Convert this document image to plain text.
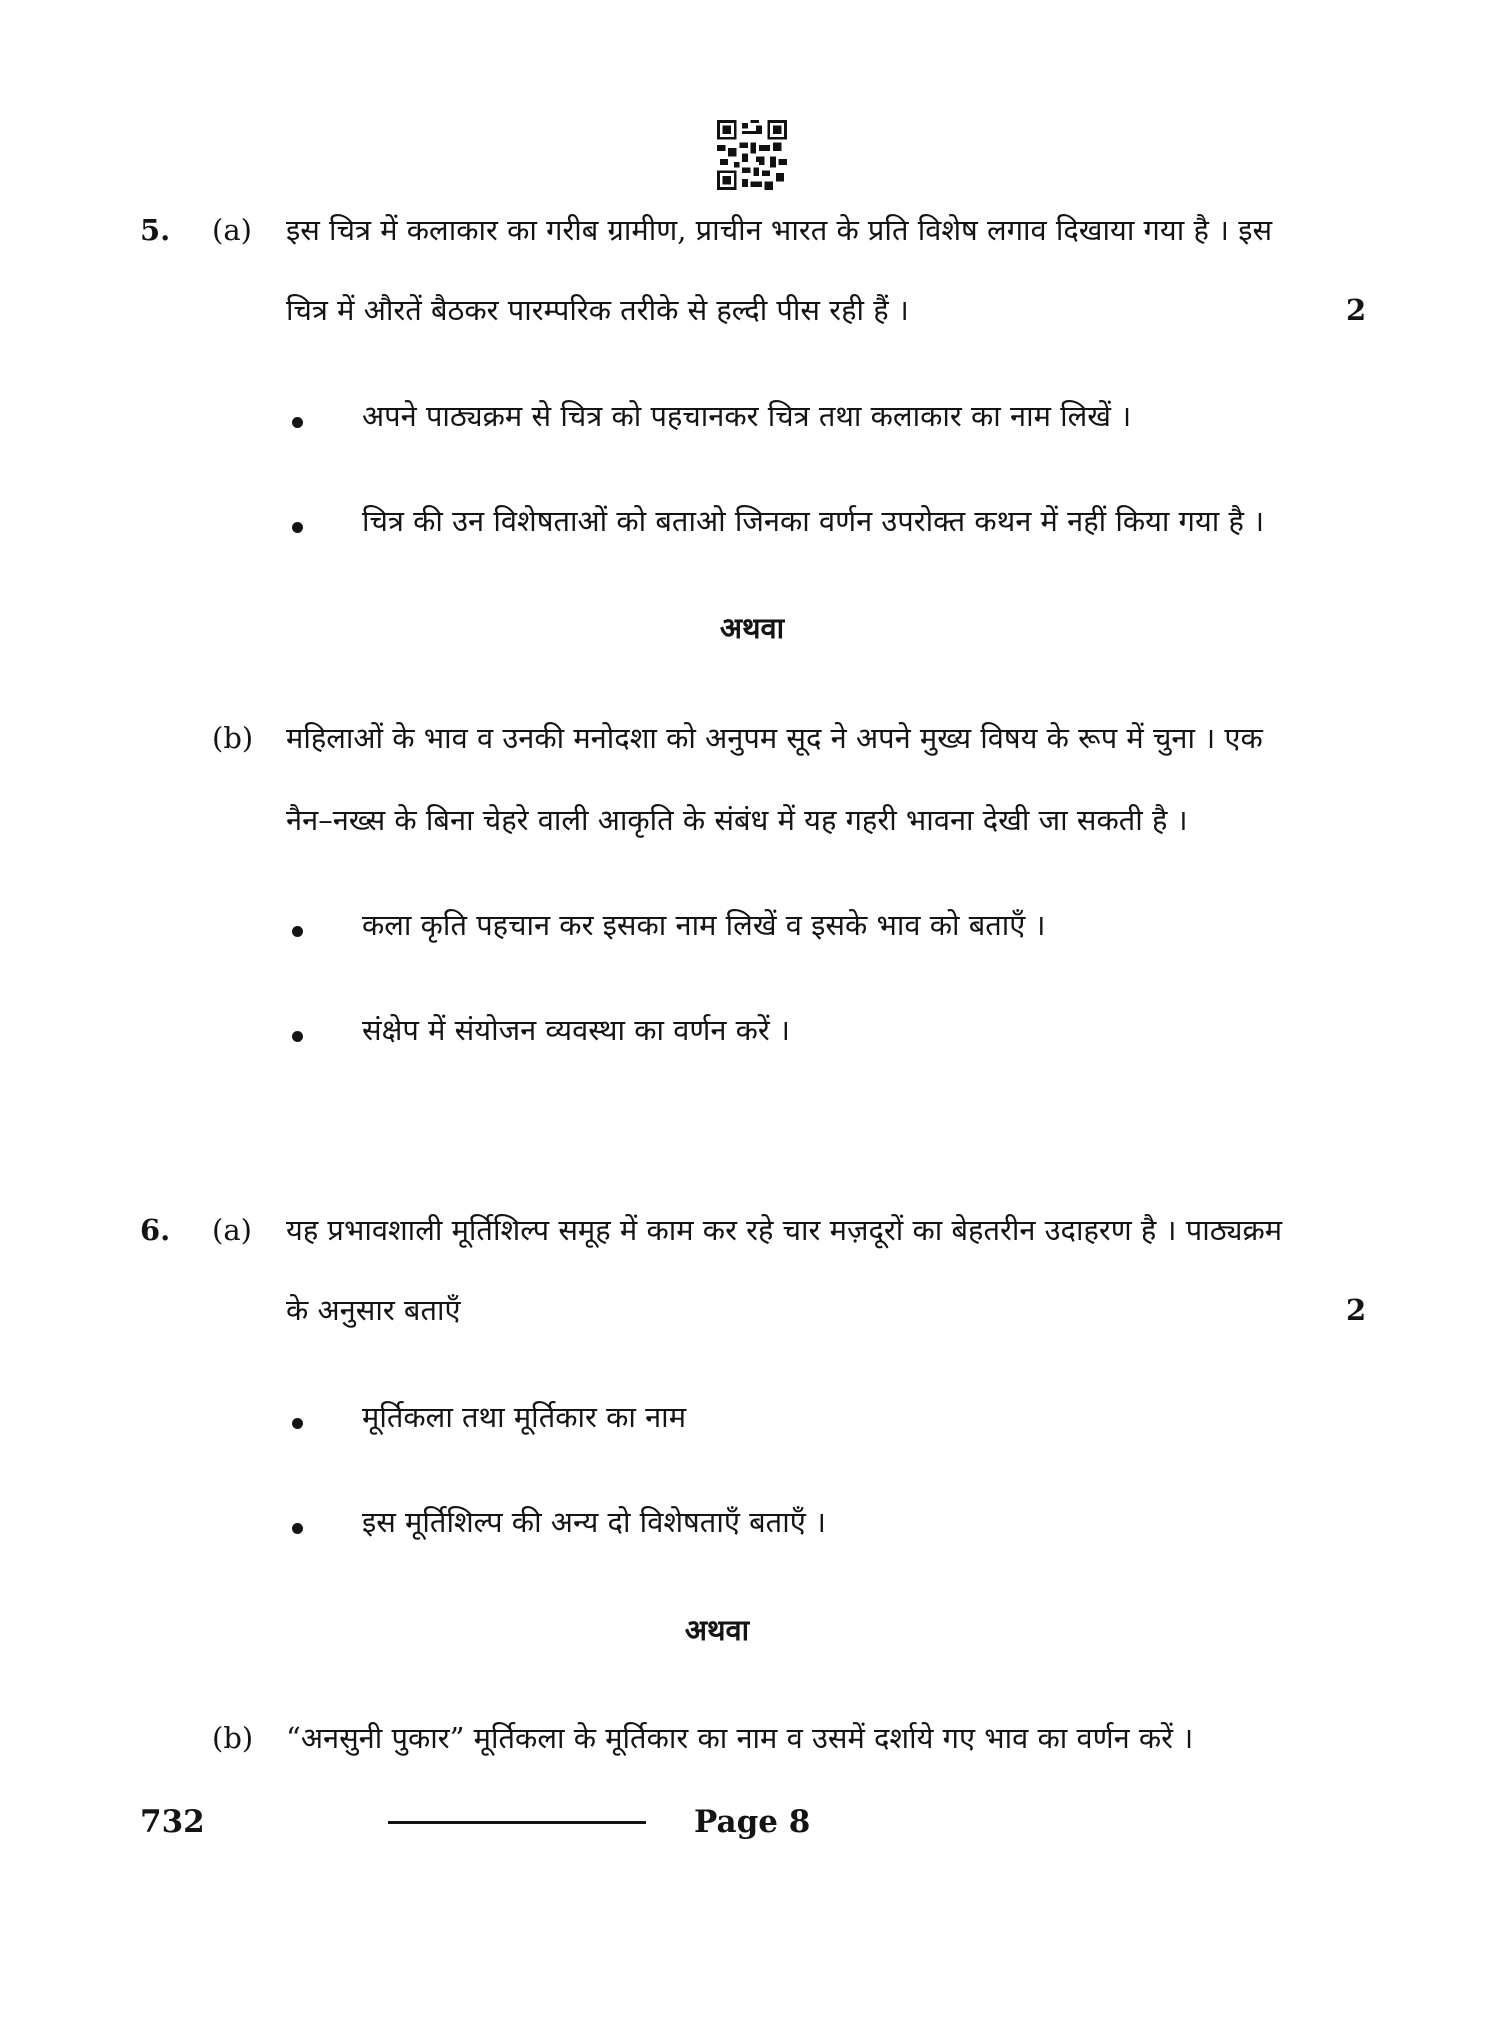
5. (a) इस चित्र में कलाकार का गरीब ग्रामीण, प्राचीन भारत के प्रति विशेष लगाव दिखाया गया है । इस
चित्र में औरतें बैठकर पारम्परिक तरीके से हल्दी पीस रही हैं ।	2
अपने पाठ्यक्रम से चित्र को पहचानकर चित्र तथा कलाकार का नाम लिखें ।
चित्र की उन विशेषताओं को बताओ जिनका वर्णन उपरोक्त कथन में नहीं किया गया है ।
अथवा
(b) महिलाओं के भाव व उनकी मनोदशा को अनुपम सूद ने अपने मुख्य विषय के रूप में चुना । एक
नैन–नख्स के बिना चेहरे वाली आकृति के संबंध में यह गहरी भावना देखी जा सकती है ।
कला कृति पहचान कर इसका नाम लिखें व इसके भाव को बताएँ ।
संक्षेप में संयोजन व्यवस्था का वर्णन करें ।
6. (a) यह प्रभावशाली मूर्तिशिल्प समूह में काम कर रहे चार मज़दूरों का बेहतरीन उदाहरण है । पाठ्यक्रम
के अनुसार बताएँ	2
मूर्तिकला तथा मूर्तिकार का नाम
इस मूर्तिशिल्प की अन्य दो विशेषताएँ बताएँ ।
अथवा
(b) “अनसुनी पुकार” मूर्तिकला के मूर्तिकार का नाम व उसमें दर्शाये गए भाव का वर्णन करें ।
732	Page 8
